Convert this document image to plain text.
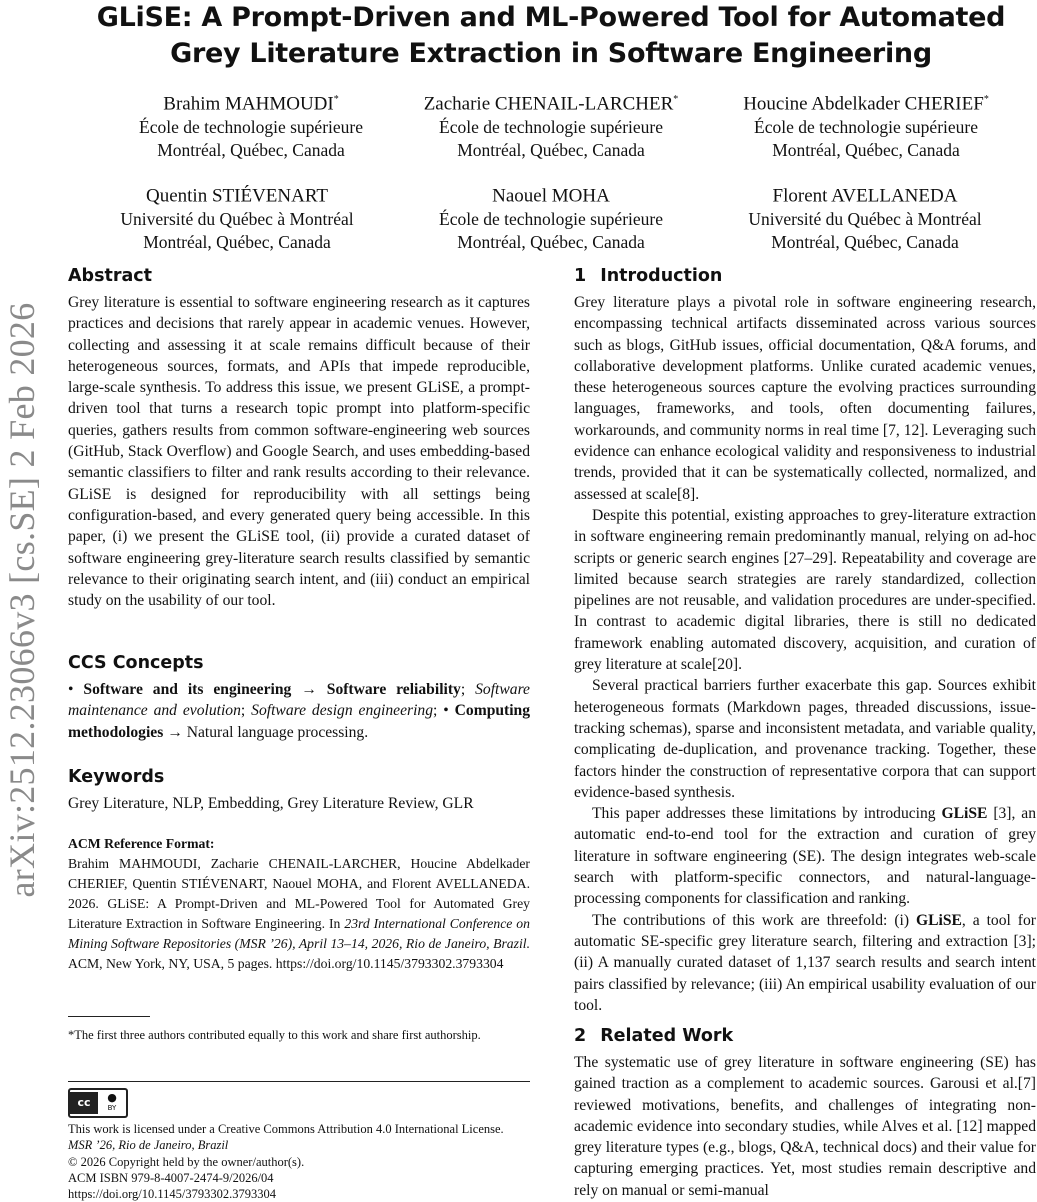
arXiv:2512.23066v3 [cs.SE] 2 Feb 2026
GLiSE: A Prompt-Driven and ML-Powered Tool for Automated
Grey Literature Extraction in Software Engineering
Brahim MAHMOUDI*
École de technologie supérieure
Montréal, Québec, Canada
Zacharie CHENAIL-LARCHER*
École de technologie supérieure
Montréal, Québec, Canada
Houcine Abdelkader CHERIEF*
École de technologie supérieure
Montréal, Québec, Canada
Quentin STIÉVENART
Université du Québec à Montréal
Montréal, Québec, Canada
Naouel MOHA
École de technologie supérieure
Montréal, Québec, Canada
Florent AVELLANEDA
Université du Québec à Montréal
Montréal, Québec, Canada
Abstract

Grey literature is essential to software engineering research as it captures practices and decisions that rarely appear in academic venues. However, collecting and assessing it at scale remains difficult because of their heterogeneous sources, formats, and APIs that impede reproducible, large-scale synthesis. To address this issue, we present GLiSE, a prompt-driven tool that turns a research topic prompt into platform-specific queries, gathers results from common software-engineering web sources (GitHub, Stack Overflow) and Google Search, and uses embedding-based semantic classifiers to filter and rank results according to their relevance. GLiSE is designed for reproducibility with all settings being configuration-based, and every generated query being accessible. In this paper, (i) we present the GLiSE tool, (ii) provide a curated dataset of software engineering grey-literature search results classified by semantic relevance to their originating search intent, and (iii) conduct an empirical study on the usability of our tool.

CCS Concepts

• Software and its engineering → Software reliability; Software maintenance and evolution; Software design engineering; • Computing methodologies → Natural language processing.

Keywords

Grey Literature, NLP, Embedding, Grey Literature Review, GLR

ACM Reference Format:

Brahim MAHMOUDI, Zacharie CHENAIL-LARCHER, Houcine Abdelkader CHERIEF, Quentin STIÉVENART, Naouel MOHA, and Florent AVELLANEDA. 2026. GLiSE: A Prompt-Driven and ML-Powered Tool for Automated Grey Literature Extraction in Software Engineering. In 23rd International Conference on Mining Software Repositories (MSR ’26), April 13–14, 2026, Rio de Janeiro, Brazil. ACM, New York, NY, USA, 5 pages. https://doi.org/10.1145/3793302.3793304

*The first three authors contributed equally to this work and share first authorship.
cc	●
BY
This work is licensed under a Creative Commons Attribution 4.0 International License.
MSR ’26, Rio de Janeiro, Brazil
© 2026 Copyright held by the owner/author(s).
ACM ISBN 979-8-4007-2474-9/2026/04
https://doi.org/10.1145/3793302.3793304
1 Introduction

Grey literature plays a pivotal role in software engineering research, encompassing technical artifacts disseminated across various sources such as blogs, GitHub issues, official documentation, Q&A forums, and collaborative development platforms. Unlike curated academic venues, these heterogeneous sources capture the evolving practices surrounding languages, frameworks, and tools, often documenting failures, workarounds, and community norms in real time [7, 12]. Leveraging such evidence can enhance ecological validity and responsiveness to industrial trends, provided that it can be systematically collected, normalized, and assessed at scale[8].

Despite this potential, existing approaches to grey-literature extraction in software engineering remain predominantly manual, relying on ad-hoc scripts or generic search engines [27–29]. Repeatability and coverage are limited because search strategies are rarely standardized, collection pipelines are not reusable, and validation procedures are under-specified. In contrast to academic digital libraries, there is still no dedicated framework enabling automated discovery, acquisition, and curation of grey literature at scale[20].

Several practical barriers further exacerbate this gap. Sources exhibit heterogeneous formats (Markdown pages, threaded discussions, issue-tracking schemas), sparse and inconsistent metadata, and variable quality, complicating de-duplication, and provenance tracking. Together, these factors hinder the construction of representative corpora that can support evidence-based synthesis.

This paper addresses these limitations by introducing GLiSE [3], an automatic end-to-end tool for the extraction and curation of grey literature in software engineering (SE). The design integrates web-scale search with platform-specific connectors, and natural-language-processing components for classification and ranking.

The contributions of this work are threefold: (i) GLiSE, a tool for automatic SE-specific grey literature search, filtering and extraction [3]; (ii) A manually curated dataset of 1,137 search results and search intent pairs classified by relevance; (iii) An empirical usability evaluation of our tool.

2 Related Work

The systematic use of grey literature in software engineering (SE) has gained traction as a complement to academic sources. Garousi et al.[7] reviewed motivations, benefits, and challenges of integrating non-academic evidence into secondary studies, while Alves et al. [12] mapped grey literature types (e.g., blogs, Q&A, technical docs) and their value for capturing emerging practices. Yet, most studies remain descriptive and rely on manual or semi-manual
